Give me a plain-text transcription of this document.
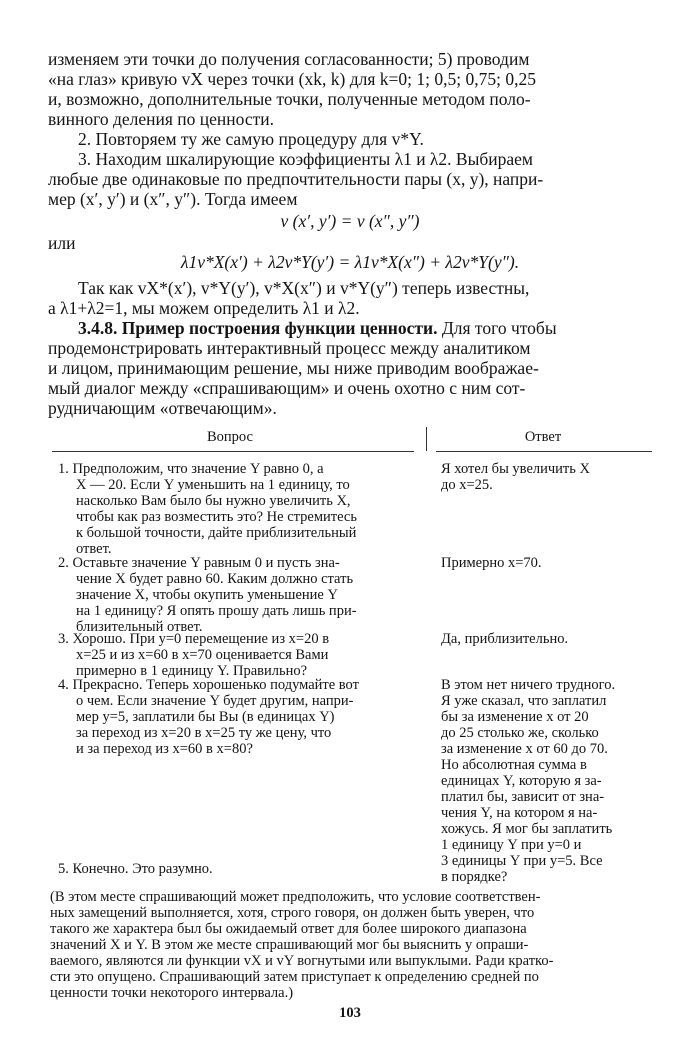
изменяем эти точки до получения согласованности; 5) проводим
«на глаз» кривую vX через точки (xk, k) для k=0; 1; 0,5; 0,75; 0,25
и, возможно, дополнительные точки, полученные методом поло-
винного деления по ценности.
2. Повторяем ту же самую процедуру для v*Y.
3. Находим шкалирующие коэффициенты λ1 и λ2. Выбираем
любые две одинаковые по предпочтительности пары (x, y), напри-
мер (x′, y′) и (x″, y″). Тогда имеем
v (x′, y′) = v (x″, y″)
или
λ1v*X(x′) + λ2v*Y(y′) = λ1v*X(x″) + λ2v*Y(y″).
Так как vX*(x′), v*Y(y′), v*X(x″) и v*Y(y″) теперь известны,
а λ1+λ2=1, мы можем определить λ1 и λ2.
3.4.8. Пример построения функции ценности. Для того чтобы
продемонстрировать интерактивный процесс между аналитиком
и лицом, принимающим решение, мы ниже приводим воображае-
мый диалог между «спрашивающим» и очень охотно с ним сот-
рудничающим «отвечающим».
Вопрос	Ответ
1. Предположим, что значение Y равно 0, а
X — 20. Если Y уменьшить на 1 единицу, то
насколько Вам было бы нужно увеличить X,
чтобы как раз возместить это? Не стремитесь
к большой точности, дайте приблизительный
ответ.
Я хотел бы увеличить X
до x=25.
2. Оставьте значение Y равным 0 и пусть зна-
чение X будет равно 60. Каким должно стать
значение X, чтобы окупить уменьшение Y
на 1 единицу? Я опять прошу дать лишь при-
близительный ответ.
Примерно x=70.
3. Хорошо. При y=0 перемещение из x=20 в
x=25 и из x=60 в x=70 оценивается Вами
примерно в 1 единицу Y. Правильно?
Да, приблизительно.
4. Прекрасно. Теперь хорошенько подумайте вот
о чем. Если значение Y будет другим, напри-
мер y=5, заплатили бы Вы (в единицах Y)
за переход из x=20 в x=25 ту же цену, что
и за переход из x=60 в x=80?
В этом нет ничего трудного.
Я уже сказал, что заплатил
бы за изменение x от 20
до 25 столько же, сколько
за изменение x от 60 до 70.
Но абсолютная сумма в
единицах Y, которую я за-
платил бы, зависит от зна-
чения Y, на котором я на-
хожусь. Я мог бы заплатить
1 единицу Y при y=0 и
3 единицы Y при y=5. Все
в порядке?
5. Конечно. Это разумно.
(В этом месте спрашивающий может предположить, что условие соответствен-
ных замещений выполняется, хотя, строго говоря, он должен быть уверен, что
такого же характера был бы ожидаемый ответ для более широкого диапазона
значений X и Y. В этом же месте спрашивающий мог бы выяснить у опраши-
ваемого, являются ли функции vX и vY вогнутыми или выпуклыми. Ради кратко-
сти это опущено. Спрашивающий затем приступает к определению средней по
ценности точки некоторого интервала.)
103
